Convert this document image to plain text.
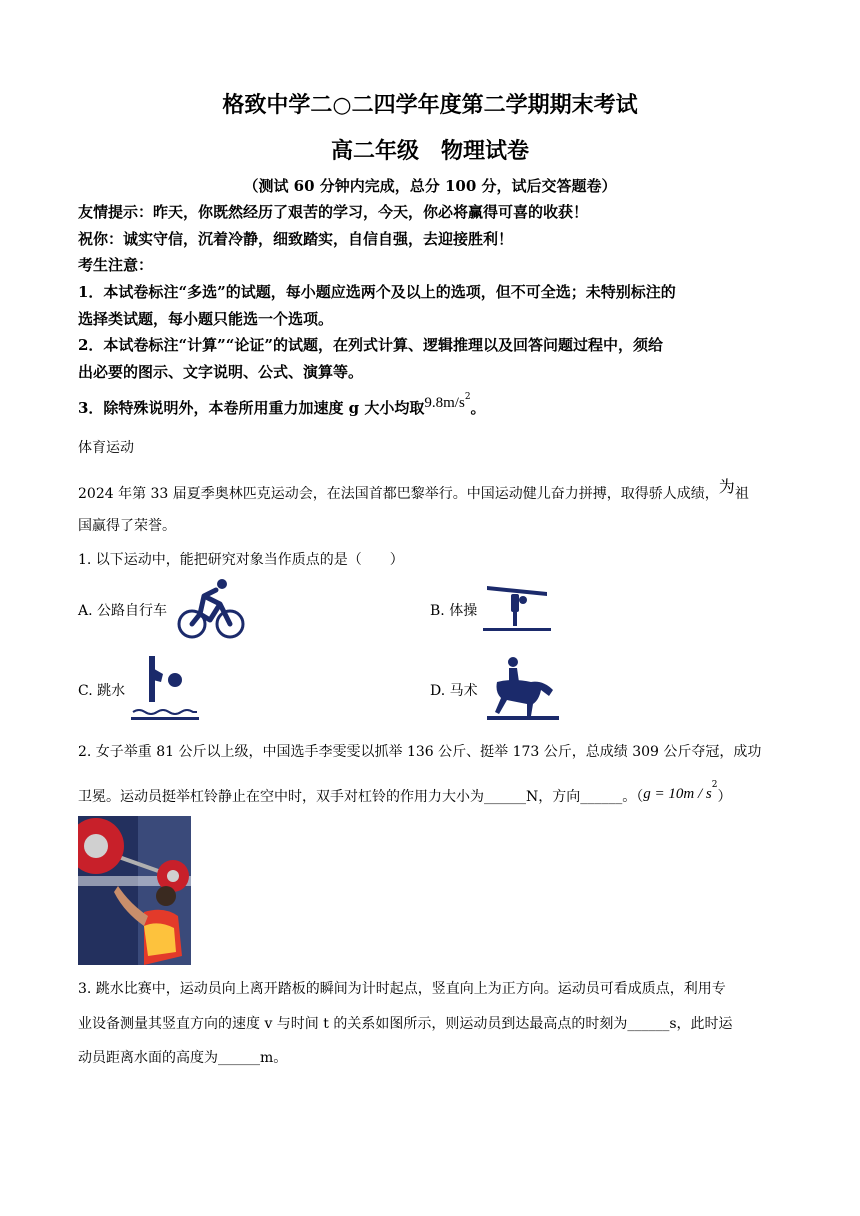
格致中学二○二四学年度第二学期期末考试
高二年级　物理试卷
（测试 60 分钟内完成，总分 100 分，试后交答题卷）
友情提示：昨天，你既然经历了艰苦的学习，今天，你必将赢得可喜的收获！
祝你：诚实守信，沉着冷静，细致踏实，自信自强，去迎接胜利！
考生注意：
1．本试卷标注“多选”的试题，每小题应选两个及以上的选项，但不可全选；未特别标注的
选择类试题，每小题只能选一个选项。
2．本试卷标注“计算”“论证”的试题，在列式计算、逻辑推理以及回答问题过程中，须给
出必要的图示、文字说明、公式、演算等。
3．除特殊说明外，本卷所用重力加速度 g 大小均取$9.8m/s^2$。
体育运动
2024 年第 33 届夏季奥林匹克运动会，在法国首都巴黎举行。中国运动健儿奋力拼搏，取得骄人成绩，为祖
国赢得了荣誉。
1. 以下运动中，能把研究对象当作质点的是（　　）
A. 公路自行车	B. 体操
C. 跳水	D. 马术
2. 女子举重 81 公斤以上级，中国选手李雯雯以抓举 136 公斤、挺举 173 公斤，总成绩 309 公斤夺冠，成功
卫冕。运动员挺举杠铃静止在空中时，双手对杠铃的作用力大小为______N，方向______。$(g = 10m / s^2)$
3. 跳水比赛中，运动员向上离开踏板的瞬间为计时起点，竖直向上为正方向。运动员可看成质点，利用专
业设备测量其竖直方向的速度 v 与时间 t 的关系如图所示，则运动员到达最高点的时刻为______s，此时运
动员距离水面的高度为______m。
